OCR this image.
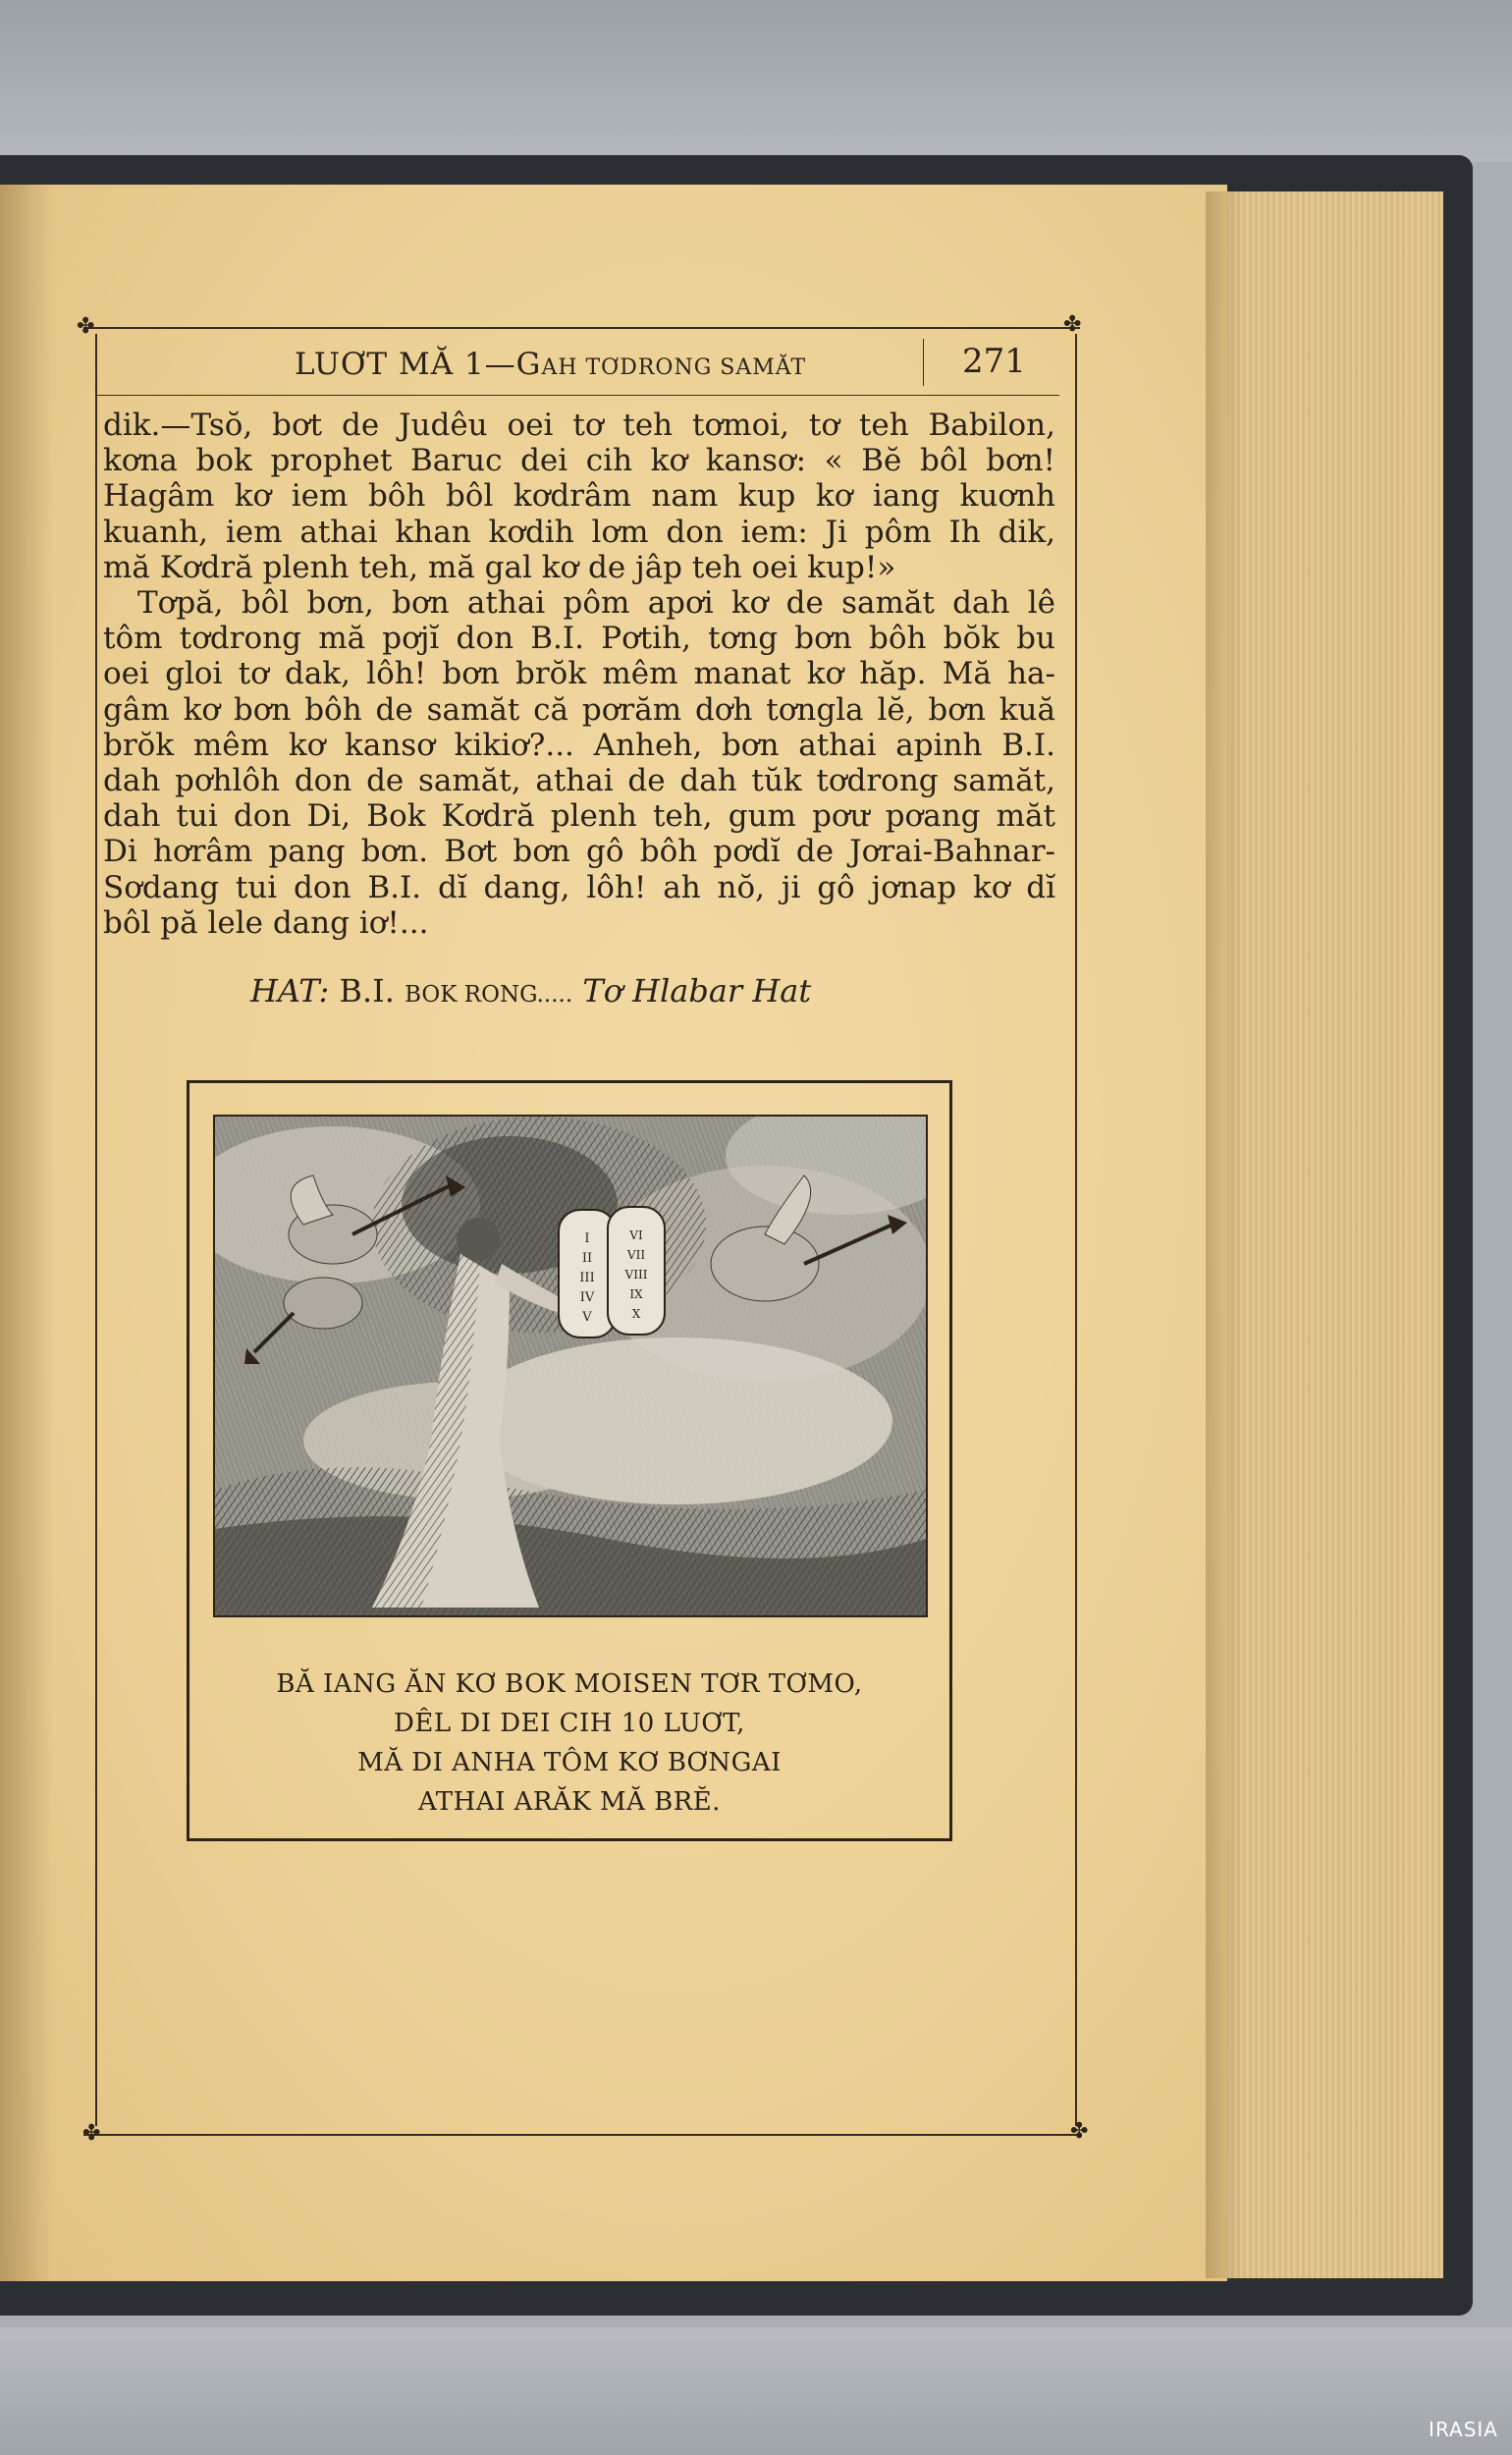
✤	✤
✤	✤
LUƠT MĂ 1—GAH TƠDRONG SAMĂT	271
dik.—Tsŏ, bơt de Judêu oei tơ teh tơmoi, tơ teh Babilon,
kơna bok prophet Baruc dei cih kơ kansơ: « Bĕ bôl bơn!
Hagâm kơ iem bôh bôl kơdrâm nam kup kơ iang kuơnh
kuanh, iem athai khan kơdih lơm don iem: Ji pôm Ih dik,
mă Kơdră plenh teh, mă gal kơ de jâp teh oei kup!»
Tơpă, bôl bơn, bơn athai pôm apơi kơ de samăt dah lê
tôm tơdrong mă pơjĭ don B.I. Pơtih, tơng bơn bôh bŏk bu
oei gloi tơ dak, lôh! bơn brŏk mêm manat kơ hăp. Mă ha-
gâm kơ bơn bôh de samăt că pơrăm dơh tơngla lĕ, bơn kuă
brŏk mêm kơ kansơ kikiơ?... Anheh, bơn athai apinh B.I.
dah pơhlôh don de samăt, athai de dah tŭk tơdrong samăt,
dah tui don Di, Bok Kơdră plenh teh, gum pơư pơang măt
Di hơrâm pang bơn. Bơt bơn gô bôh pơdĭ de Jơrai-Bahnar-
Sơdang tui don B.I. dĭ dang, lôh! ah nŏ, ji gô jơnap kơ dĭ
bôl pă lele dang iơ!...
HAT: B.I. BOK RONG..... Tơ Hlabar Hat
I
II
III
IV
V
VI
VII
VIII
IX
X
BĂ IANG ĂN KƠ BOK MOISEN TƠR TƠMO,
DÊL DI DEI CIH 10 LUƠT,
MĂ DI ANHA TÔM KƠ BƠNGAI
ATHAI ARĂK MĂ BRĔ.
IRASIA
